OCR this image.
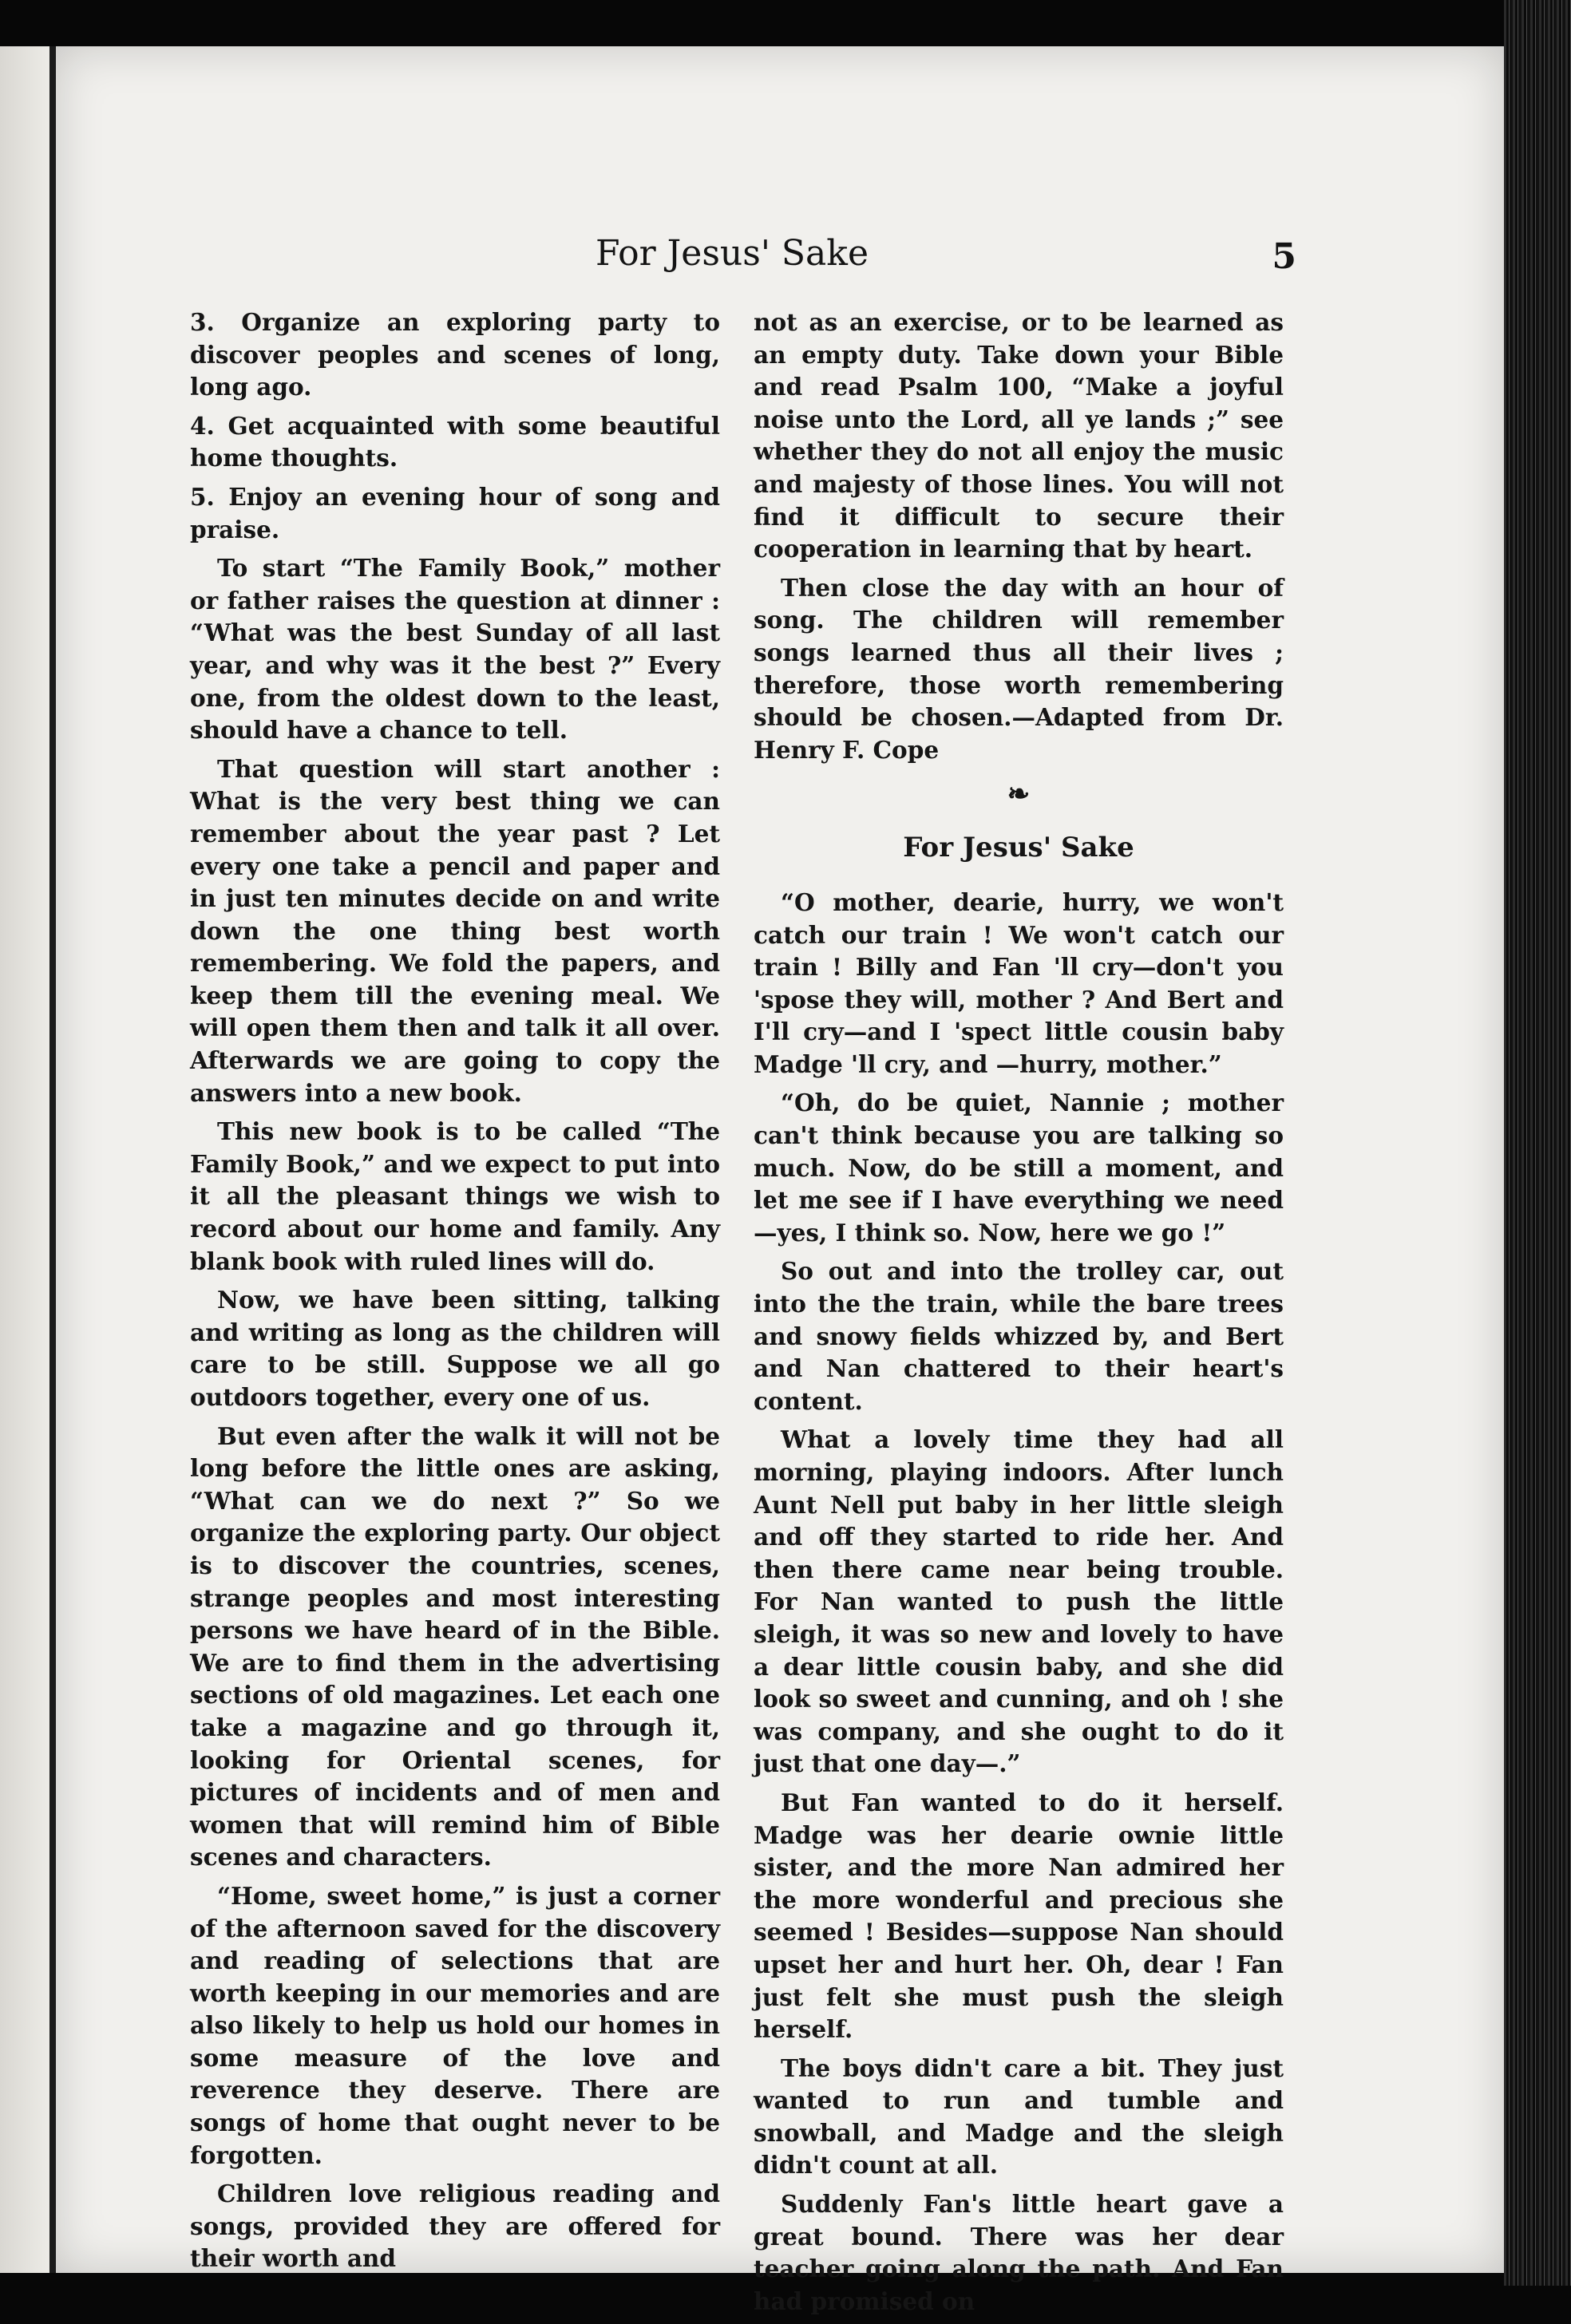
For Jesus' Sake	5

3. Organize an exploring party to discover peoples and scenes of long, long ago.

4. Get acquainted with some beautiful home thoughts.

5. Enjoy an evening hour of song and praise.

To start “The Family Book,” mother or father raises the question at dinner : “What was the best Sunday of all last year, and why was it the best ?” Every one, from the oldest down to the least, should have a chance to tell.

That question will start another : What is the very best thing we can remember about the year past ? Let every one take a pencil and paper and in just ten minutes decide on and write down the one thing best worth remembering. We fold the papers, and keep them till the evening meal. We will open them then and talk it all over. Afterwards we are going to copy the answers into a new book.

This new book is to be called “The Family Book,” and we expect to put into it all the pleasant things we wish to record about our home and family. Any blank book with ruled lines will do.

Now, we have been sitting, talking and writing as long as the children will care to be still. Suppose we all go outdoors together, every one of us.

But even after the walk it will not be long before the little ones are asking, “What can we do next ?” So we organize the exploring party. Our object is to discover the countries, scenes, strange peoples and most interesting persons we have heard of in the Bible. We are to find them in the advertising sections of old magazines. Let each one take a magazine and go through it, looking for Oriental scenes, for pictures of incidents and of men and women that will remind him of Bible scenes and characters.

“Home, sweet home,” is just a corner of the afternoon saved for the discovery and reading of selections that are worth keeping in our memories and are also likely to help us hold our homes in some measure of the love and reverence they deserve. There are songs of home that ought never to be forgotten.

Children love religious reading and songs, provided they are offered for their worth and

not as an exercise, or to be learned as an empty duty. Take down your Bible and read Psalm 100, “Make a joyful noise unto the Lord, all ye lands ;” see whether they do not all enjoy the music and majesty of those lines. You will not find it difficult to secure their cooperation in learning that by heart.

Then close the day with an hour of song. The children will remember songs learned thus all their lives ; therefore, those worth remembering should be chosen.—Adapted from Dr. Henry F. Cope

❧
For Jesus' Sake

“O mother, dearie, hurry, we won't catch our train ! We won't catch our train ! Billy and Fan 'll cry—don't you 'spose they will, mother ? And Bert and I'll cry—and I 'spect little cousin baby Madge 'll cry, and —hurry, mother.”

“Oh, do be quiet, Nannie ; mother can't think because you are talking so much. Now, do be still a moment, and let me see if I have everything we need—yes, I think so. Now, here we go !”

So out and into the trolley car, out into the the train, while the bare trees and snowy fields whizzed by, and Bert and Nan chattered to their heart's content.

What a lovely time they had all morning, playing indoors. After lunch Aunt Nell put baby in her little sleigh and off they started to ride her. And then there came near being trouble. For Nan wanted to push the little sleigh, it was so new and lovely to have a dear little cousin baby, and she did look so sweet and cunning, and oh ! she was company, and she ought to do it just that one day—.”

But Fan wanted to do it herself. Madge was her dearie ownie little sister, and the more Nan admired her the more wonderful and precious she seemed ! Besides—suppose Nan should upset her and hurt her. Oh, dear ! Fan just felt she must push the sleigh herself.

The boys didn't care a bit. They just wanted to run and tumble and snowball, and Madge and the sleigh didn't count at all.

Suddenly Fan's little heart gave a great bound. There was her dear teacher going along the path. And Fan had promised on
